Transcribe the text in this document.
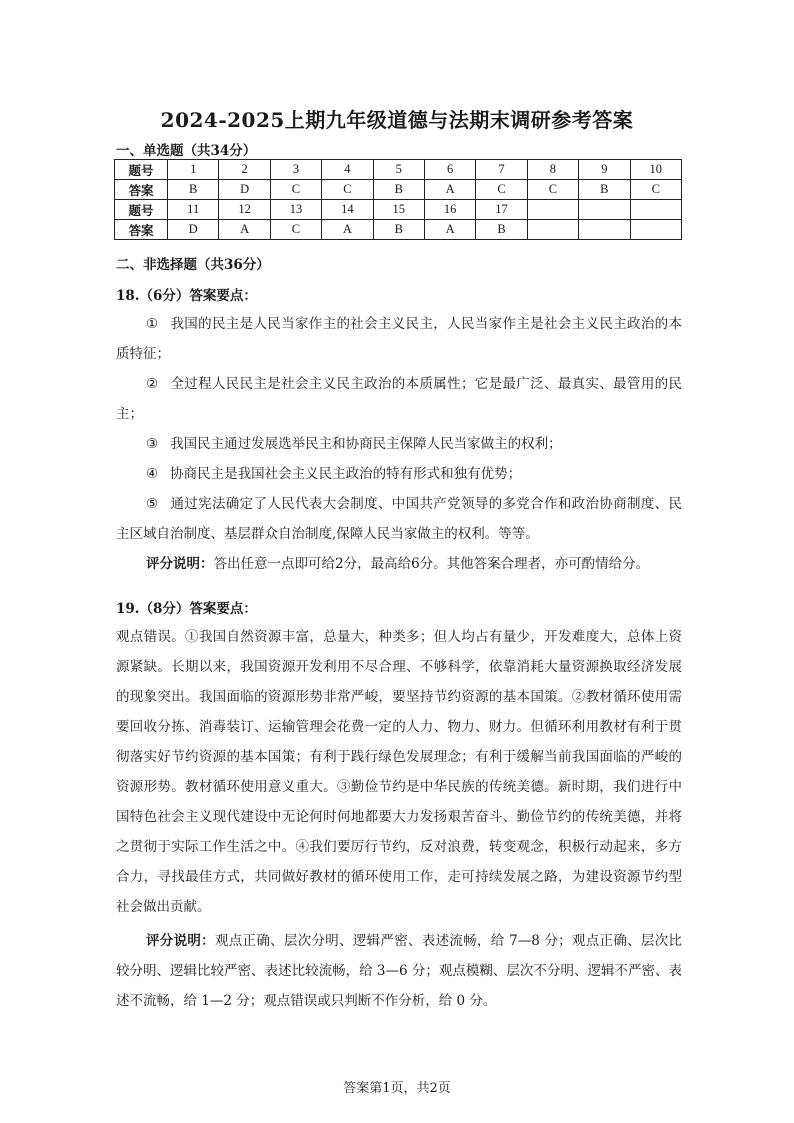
2024-2025上期九年级道德与法期末调研参考答案
一、单选题（共34分）
题号	1	2	3	4	5	6	7	8	9	10
答案	B	D	C	C	B	A	C	C	B	C
题号	11	12	13	14	15	16	17			
答案	D	A	C	A	B	A	B			
二、非选择题（共36分）
18.（6分）答案要点：
① 我国的民主是人民当家作主的社会主义民主，人民当家作主是社会主义民主政治的本质特征；
② 全过程人民民主是社会主义民主政治的本质属性；它是最广泛、最真实、最管用的民主；
③ 我国民主通过发展选举民主和协商民主保障人民当家做主的权利；
④ 协商民主是我国社会主义民主政治的特有形式和独有优势；
⑤ 通过宪法确定了人民代表大会制度、中国共产党领导的多党合作和政治协商制度、民主区域自治制度、基层群众自治制度,保障人民当家做主的权利。等等。
评分说明：答出任意一点即可给2分，最高给6分。其他答案合理者，亦可酌情给分。
19.（8分）答案要点：
观点错误。①我国自然资源丰富，总量大，种类多；但人均占有量少，开发难度大，总体上资源紧缺。长期以来，我国资源开发利用不尽合理、不够科学，依靠消耗大量资源换取经济发展的现象突出。我国面临的资源形势非常严峻，要坚持节约资源的基本国策。②教材循环使用需要回收分拣、消毒装订、运输管理会花费一定的人力、物力、财力。但循环利用教材有利于贯彻落实好节约资源的基本国策；有利于践行绿色发展理念；有利于缓解当前我国面临的严峻的资源形势。教材循环使用意义重大。③勤俭节约是中华民族的传统美德。新时期，我们进行中国特色社会主义现代建设中无论何时何地都要大力发扬艰苦奋斗、勤俭节约的传统美德，并将之贯彻于实际工作生活之中。④我们要厉行节约，反对浪费，转变观念，积极行动起来，多方合力，寻找最佳方式，共同做好教材的循环使用工作，走可持续发展之路，为建设资源节约型社会做出贡献。
评分说明：观点正确、层次分明、逻辑严密、表述流畅，给 7—8 分；观点正确、层次比较分明、逻辑比较严密、表述比较流畅，给 3—6 分；观点模糊、层次不分明、逻辑不严密、表述不流畅，给 1—2 分；观点错误或只判断不作分析，给 0 分。
答案第1页，共2页
